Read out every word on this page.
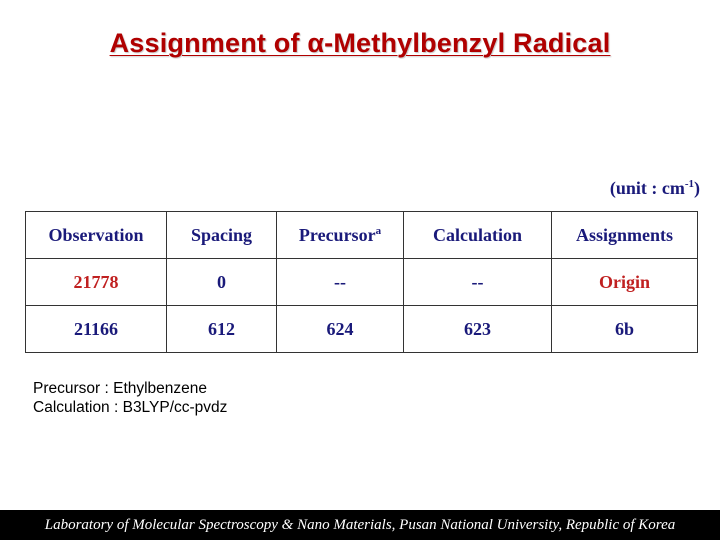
Assignment of α-Methylbenzyl Radical
(unit : $cm^{-1}$)
Observation	Spacing	Precursor$^a$	Calculation	Assignments
21778	0	--	--	Origin
21166	612	624	623	6b
Precursor : Ethylbenzene
Calculation : B3LYP/cc-pvdz
Laboratory of Molecular Spectroscopy & Nano Materials, Pusan National University, Republic of Korea
